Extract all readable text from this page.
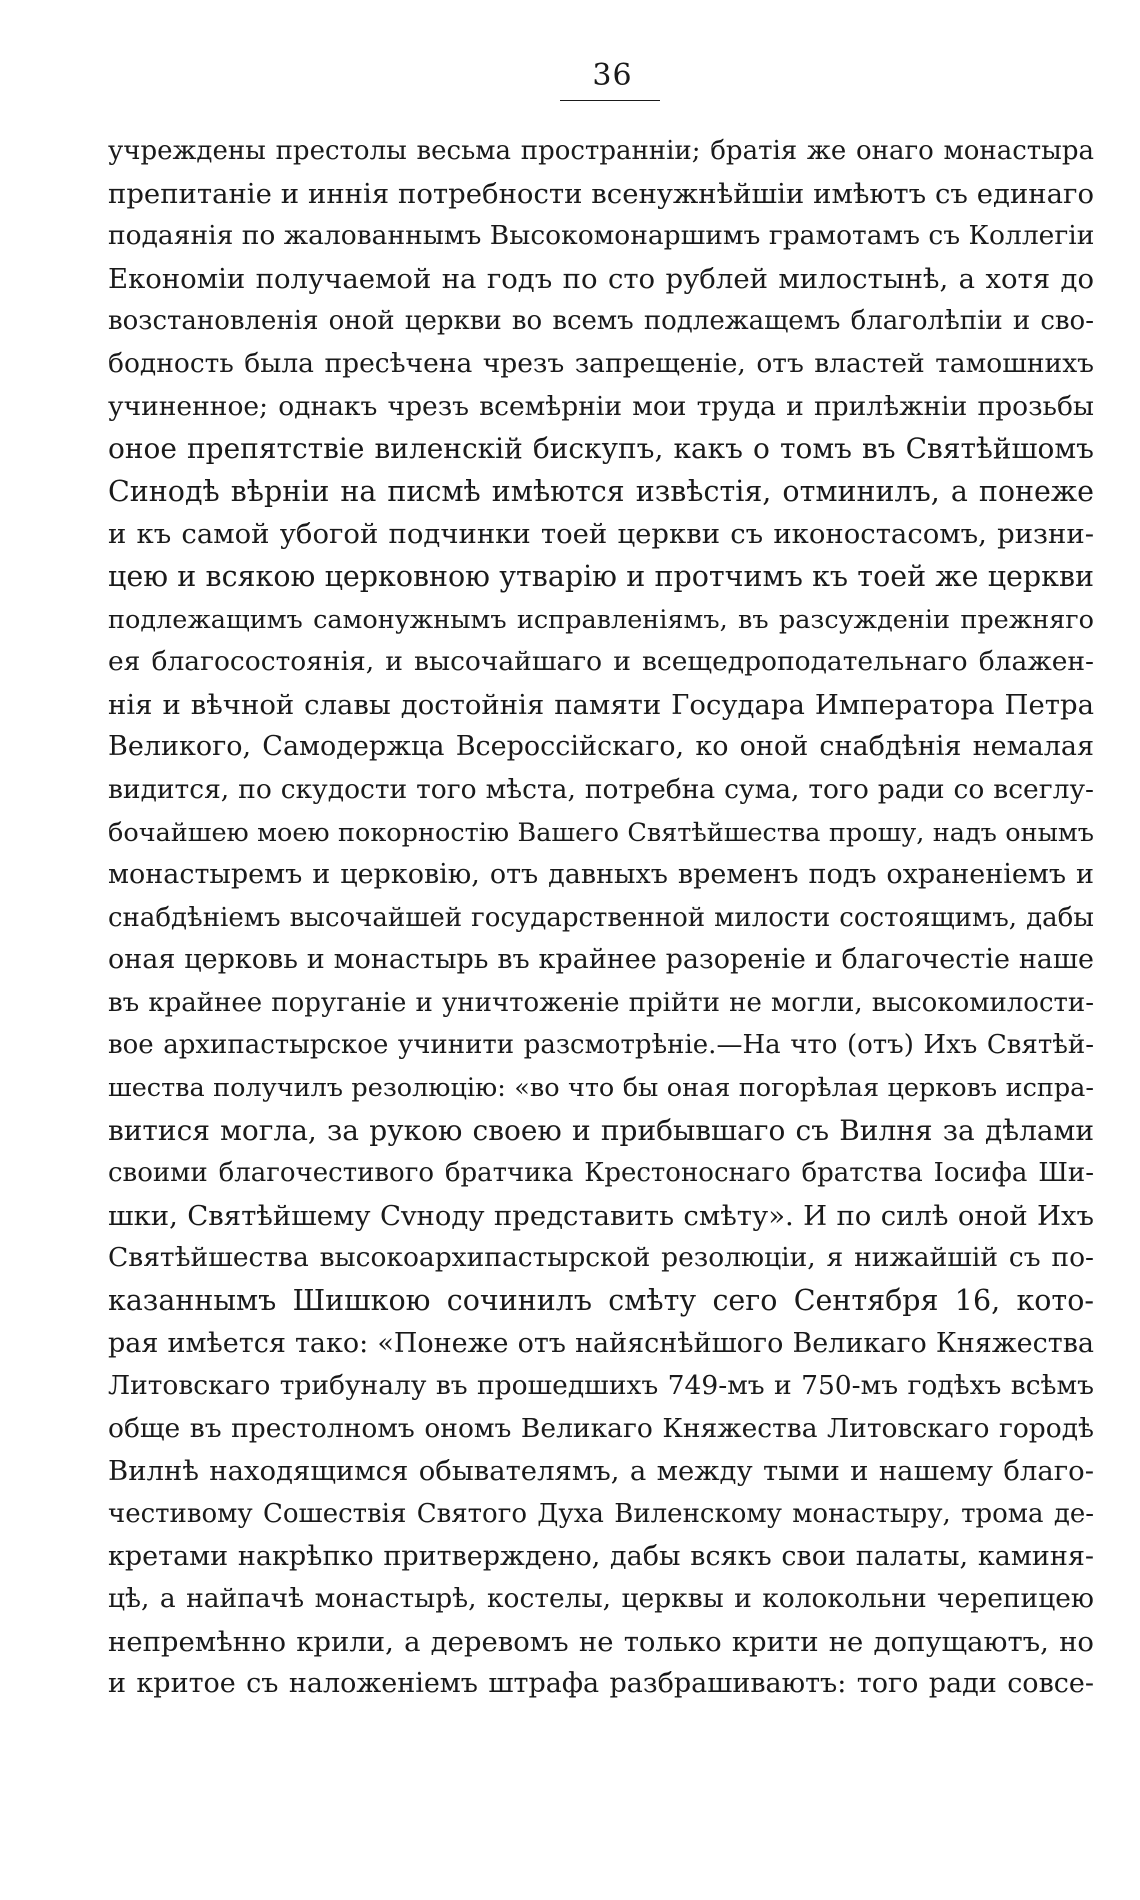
36
учреждены престолы весьма пространнiи; братiя же онаго монастыра
препитанiе и иннiя потребности всенужнѣйшiи имѣютъ съ единаго
подаянiя по жалованнымъ Высокомонаршимъ грамотамъ съ Коллегiи
Економiи получаемой на годъ по сто рублей милостынѣ, а хотя до
возстановленiя оной церкви во всемъ подлежащемъ благолѣпiи и сво-
бодность была пресѣчена чрезъ запрещенiе, отъ властей тамошнихъ
учиненное; однакъ чрезъ всемѣрнiи мои труда и прилѣжнiи прозьбы
оное препятствiе виленскiй бискупъ, какъ о томъ въ Святѣйшомъ
Синодѣ вѣрнiи на писмѣ имѣются извѣстiя, отминилъ, а понеже
и къ самой убогой подчинки тоей церкви съ иконостасомъ, ризни-
цею и всякою церковною утварiю и протчимъ къ тоей же церкви
подлежащимъ самонужнымъ исправленiямъ, въ разсужденiи прежняго
ея благосостоянiя, и высочайшаго и всещедроподательнаго блажен-
нiя и вѣчной славы достойнiя памяти Государа Императора Петра
Великого, Самодержца Всероссiйскаго, ко оной снабдѣнiя немалая
видится, по скудости того мѣста, потребна сума, того ради со всеглу-
бочайшею моею покорностiю Вашего Святѣйшества прошу, надъ онымъ
монастыремъ и церковiю, отъ давныхъ временъ подъ охраненiемъ и
снабдѣнiемъ высочайшей государственной милости состоящимъ, дабы
оная церковь и монастырь въ крайнее разоренiе и благочестiе наше
въ крайнее поруганiе и уничтоженiе прiйти не могли, высокомилости-
вое архипастырское учинити разсмотрѣнiе.—На что (отъ) Ихъ Святѣй-
шества получилъ резолюцiю: «во что бы оная погорѣлая церковъ испра-
витися могла, за рукою своею и прибывшаго съ Вилня за дѣлами
своими благочестивого братчика Крестоноснаго братства Iосифа Ши-
шки, Святѣйшему Сvноду представить смѣту». И по силѣ оной Ихъ
Святѣйшества высокоархипастырской резолюцiи, я нижайшiй съ по-
казаннымъ Шишкою сочинилъ смѣту сего Сентября 16, кото-
рая имѣется тако: «Понеже отъ найяснѣйшого Великаго Княжества
Литовскаго трибуналу въ прошедшихъ 749-мъ и 750-мъ годѣхъ всѣмъ
обще въ престолномъ ономъ Великаго Княжества Литовскаго городѣ
Вилнѣ находящимся обывателямъ, а между тыми и нашему благо-
честивому Сошествiя Святого Духа Виленскому монастыру, трома де-
кретами накрѣпко притверждено, дабы всякъ свои палаты, каминя-
цѣ, а найпачѣ монастырѣ, костелы, церквы и колокольни черепицею
непремѣнно крили, а деревомъ не только крити не допущаютъ, но
и критое съ наложенiемъ штрафа разбрашиваютъ: того ради совсе-
